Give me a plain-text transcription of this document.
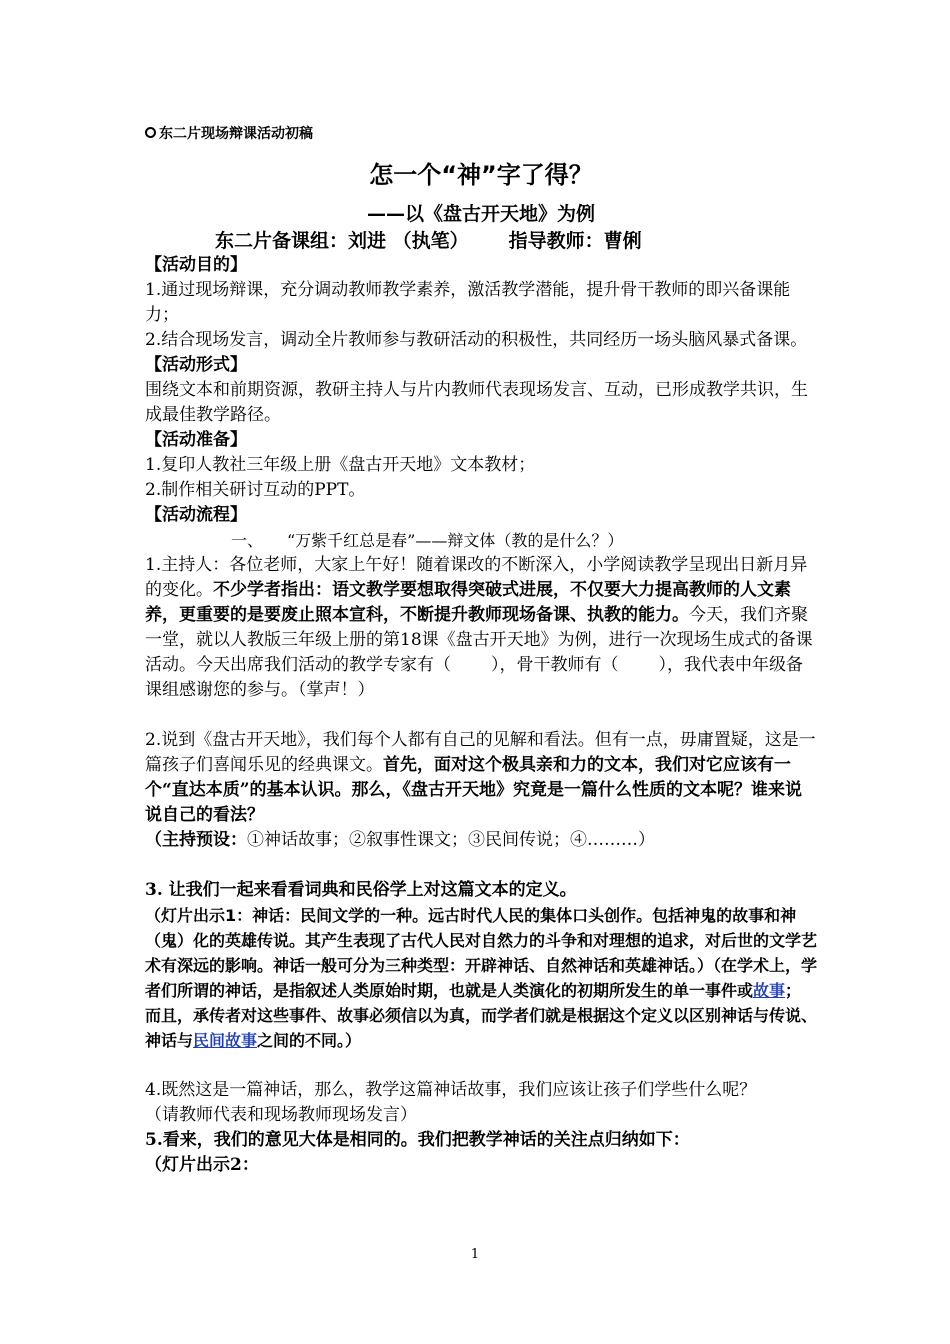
东二片现场辩课活动初稿

怎一个“神”字了得？

——以《盘古开天地》为例

东二片备课组：刘进 （执笔） 指导教师：曹俐

【活动目的】

1.通过现场辩课，充分调动教师教学素养，激活教学潜能，提升骨干教师的即兴备课能力；

2.结合现场发言，调动全片教师参与教研活动的积极性，共同经历一场头脑风暴式备课。

【活动形式】

围绕文本和前期资源，教研主持人与片内教师代表现场发言、互动，已形成教学共识，生成最佳教学路径。

【活动准备】

1.复印人教社三年级上册《盘古开天地》文本教材；

2.制作相关研讨互动的PPT。

【活动流程】

一、　　“万紫千红总是春”——辩文体（教的是什么？）

1.主持人：各位老师，大家上午好！随着课改的不断深入，小学阅读教学呈现出日新月异的变化。不少学者指出：语文教学要想取得突破式进展，不仅要大力提高教师的人文素养，更重要的是要废止照本宣科，不断提升教师现场备课、执教的能力。今天，我们齐聚一堂，就以人教版三年级上册的第18课《盘古开天地》为例，进行一次现场生成式的备课活动。今天出席我们活动的教学专家有（ ），骨干教师有（ ），我代表中年级备课组感谢您的参与。（掌声！）

2.说到《盘古开天地》，我们每个人都有自己的见解和看法。但有一点，毋庸置疑，这是一篇孩子们喜闻乐见的经典课文。首先，面对这个极具亲和力的文本，我们对它应该有一个“直达本质”的基本认识。那么，《盘古开天地》究竟是一篇什么性质的文本呢？谁来说说自己的看法？

（主持预设：①神话故事；②叙事性课文；③民间传说；④………）

3. 让我们一起来看看词典和民俗学上对这篇文本的定义。

（灯片出示1：神话：民间文学的一种。远古时代人民的集体口头创作。包括神鬼的故事和神（鬼）化的英雄传说。其产生表现了古代人民对自然力的斗争和对理想的追求，对后世的文学艺术有深远的影响。神话一般可分为三种类型：开辟神话、自然神话和英雄神话。）（在学术上，学者们所谓的神话，是指叙述人类原始时期，也就是人类演化的初期所发生的单一事件或故事；而且，承传者对这些事件、故事必须信以为真，而学者们就是根据这个定义以区别神话与传说、神话与民间故事之间的不同。）

4.既然这是一篇神话，那么，教学这篇神话故事，我们应该让孩子们学些什么呢？

（请教师代表和现场教师现场发言）

5.看来，我们的意见大体是相同的。我们把教学神话的关注点归纳如下：

（灯片出示2：

1
